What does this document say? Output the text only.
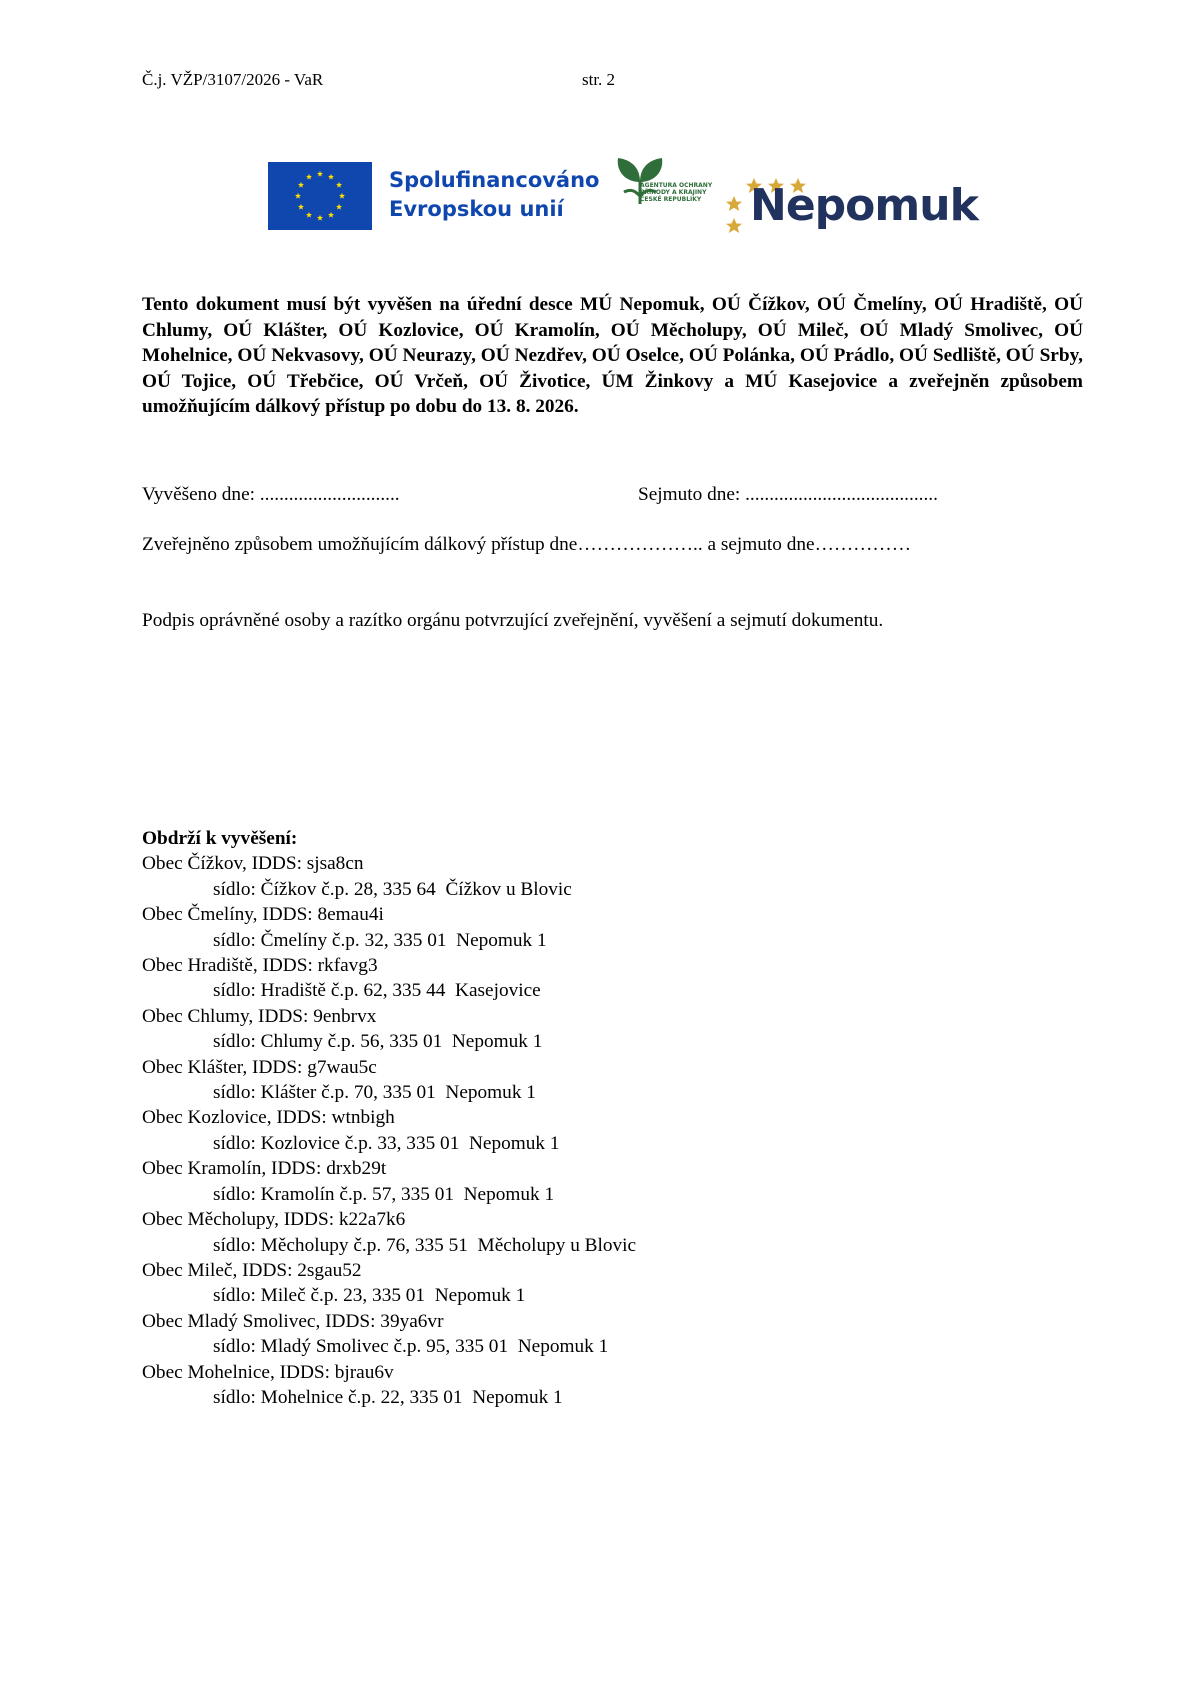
Č.j. VŽP/3107/2026 - VaR	str. 2
Spolufinancováno
Evropskou unií
AGENTURA OCHRANY
PŘÍRODY A KRAJINY
ČESKÉ REPUBLIKY	Nepomuk
Tento dokument musí být vyvěšen na úřední desce MÚ Nepomuk, OÚ Čížkov, OÚ Čmelíny, OÚ Hradiště, OÚ Chlumy, OÚ Klášter, OÚ Kozlovice, OÚ Kramolín, OÚ Měcholupy, OÚ Mileč, OÚ Mladý Smolivec, OÚ Mohelnice, OÚ Nekvasovy, OÚ Neurazy, OÚ Nezdřev, OÚ Oselce, OÚ Polánka, OÚ Prádlo, OÚ Sedliště, OÚ Srby, OÚ Tojice, OÚ Třebčice, OÚ Vrčeň, OÚ Životice, ÚM Žinkovy a MÚ Kasejovice a zveřejněn způsobem umožňujícím dálkový přístup po dobu do 13. 8. 2026.
Vyvěšeno dne: .............................	Sejmuto dne: ........................................
Zveřejněno způsobem umožňujícím dálkový přístup dne……………….. a sejmuto dne……………
Podpis oprávněné osoby a razítko orgánu potvrzující zveřejnění, vyvěšení a sejmutí dokumentu.
Obdrží k vyvěšení:
Obec Čížkov, IDDS: sjsa8cn
sídlo: Čížkov č.p. 28, 335 64  Čížkov u Blovic
Obec Čmelíny, IDDS: 8emau4i
sídlo: Čmelíny č.p. 32, 335 01  Nepomuk 1
Obec Hradiště, IDDS: rkfavg3
sídlo: Hradiště č.p. 62, 335 44  Kasejovice
Obec Chlumy, IDDS: 9enbrvx
sídlo: Chlumy č.p. 56, 335 01  Nepomuk 1
Obec Klášter, IDDS: g7wau5c
sídlo: Klášter č.p. 70, 335 01  Nepomuk 1
Obec Kozlovice, IDDS: wtnbigh
sídlo: Kozlovice č.p. 33, 335 01  Nepomuk 1
Obec Kramolín, IDDS: drxb29t
sídlo: Kramolín č.p. 57, 335 01  Nepomuk 1
Obec Měcholupy, IDDS: k22a7k6
sídlo: Měcholupy č.p. 76, 335 51  Měcholupy u Blovic
Obec Mileč, IDDS: 2sgau52
sídlo: Mileč č.p. 23, 335 01  Nepomuk 1
Obec Mladý Smolivec, IDDS: 39ya6vr
sídlo: Mladý Smolivec č.p. 95, 335 01  Nepomuk 1
Obec Mohelnice, IDDS: bjrau6v
sídlo: Mohelnice č.p. 22, 335 01  Nepomuk 1
